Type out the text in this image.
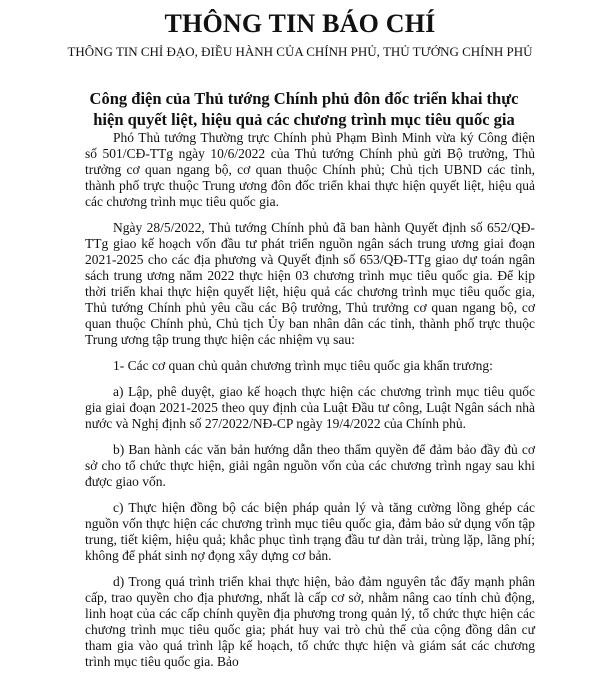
THÔNG TIN BÁO CHÍ
THÔNG TIN CHỈ ĐẠO, ĐIỀU HÀNH CỦA CHÍNH PHỦ, THỦ TƯỚNG CHÍNH PHỦ
Công điện của Thủ tướng Chính phủ đôn đốc triển khai thực hiện quyết liệt, hiệu quả các chương trình mục tiêu quốc gia

Phó Thủ tướng Thường trực Chính phủ Phạm Bình Minh vừa ký Công điện số 501/CĐ-TTg ngày 10/6/2022 của Thủ tướng Chính phủ gửi Bộ trưởng, Thủ trưởng cơ quan ngang bộ, cơ quan thuộc Chính phủ; Chủ tịch UBND các tỉnh, thành phố trực thuộc Trung ương đôn đốc triển khai thực hiện quyết liệt, hiệu quả các chương trình mục tiêu quốc gia.

Ngày 28/5/2022, Thủ tướng Chính phủ đã ban hành Quyết định số 652/QĐ-TTg giao kế hoạch vốn đầu tư phát triển nguồn ngân sách trung ương giai đoạn 2021-2025 cho các địa phương và Quyết định số 653/QĐ-TTg giao dự toán ngân sách trung ương năm 2022 thực hiện 03 chương trình mục tiêu quốc gia. Để kịp thời triển khai thực hiện quyết liệt, hiệu quả các chương trình mục tiêu quốc gia, Thủ tướng Chính phủ yêu cầu các Bộ trưởng, Thủ trưởng cơ quan ngang bộ, cơ quan thuộc Chính phủ, Chủ tịch Ủy ban nhân dân các tỉnh, thành phố trực thuộc Trung ương tập trung thực hiện các nhiệm vụ sau:

1- Các cơ quan chủ quản chương trình mục tiêu quốc gia khẩn trương:

a) Lập, phê duyệt, giao kế hoạch thực hiện các chương trình mục tiêu quốc gia giai đoạn 2021-2025 theo quy định của Luật Đầu tư công, Luật Ngân sách nhà nước và Nghị định số 27/2022/NĐ-CP ngày 19/4/2022 của Chính phủ.

b) Ban hành các văn bản hướng dẫn theo thẩm quyền để đảm bảo đầy đủ cơ sở cho tổ chức thực hiện, giải ngân nguồn vốn của các chương trình ngay sau khi được giao vốn.

c) Thực hiện đồng bộ các biện pháp quản lý và tăng cường lồng ghép các nguồn vốn thực hiện các chương trình mục tiêu quốc gia, đảm bảo sử dụng vốn tập trung, tiết kiệm, hiệu quả; khắc phục tình trạng đầu tư dàn trải, trùng lặp, lãng phí; không để phát sinh nợ đọng xây dựng cơ bản.

d) Trong quá trình triển khai thực hiện, bảo đảm nguyên tắc đẩy mạnh phân cấp, trao quyền cho địa phương, nhất là cấp cơ sở, nhằm nâng cao tính chủ động, linh hoạt của các cấp chính quyền địa phương trong quản lý, tổ chức thực hiện các chương trình mục tiêu quốc gia; phát huy vai trò chủ thể của cộng đồng dân cư tham gia vào quá trình lập kế hoạch, tổ chức thực hiện và giám sát các chương trình mục tiêu quốc gia. Bảo
